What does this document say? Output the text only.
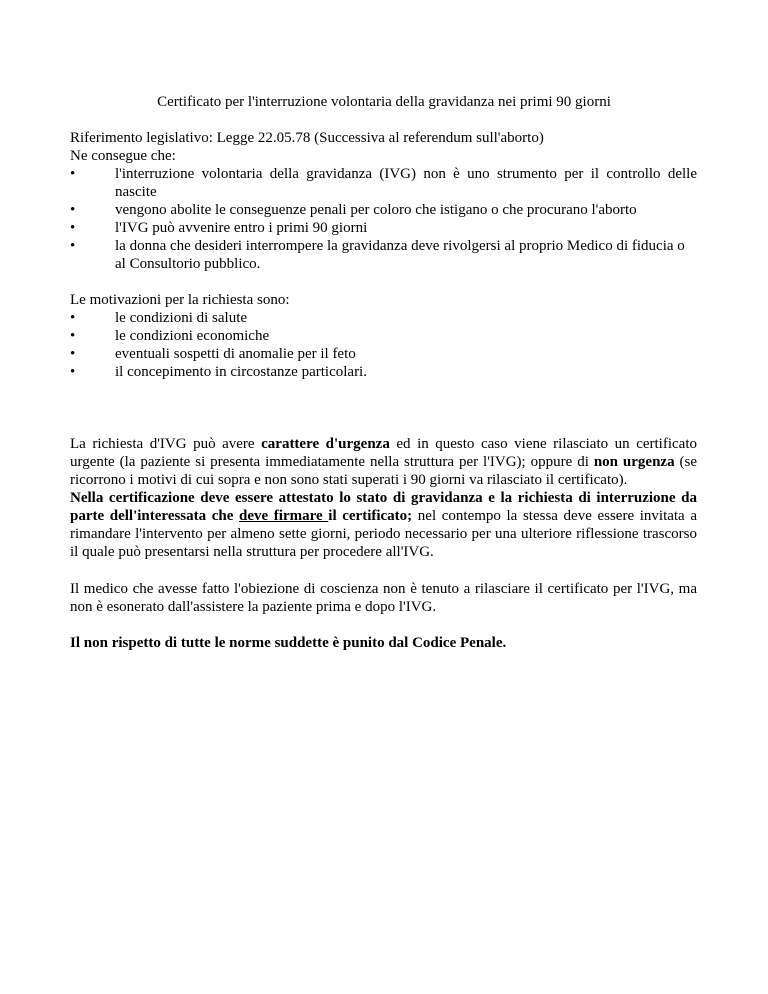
Certificato per l'interruzione volontaria della gravidanza nei primi 90 giorni
Riferimento legislativo: Legge 22.05.78 (Successiva al referendum sull'aborto)
Ne consegue che:
•	l'interruzione volontaria della gravidanza (IVG) non è uno strumento per il controllo delle nascite
•	vengono abolite le conseguenze penali per coloro che istigano o che procurano l'aborto
•	l'IVG può avvenire entro i primi 90 giorni
•	la donna che desideri interrompere la gravidanza deve rivolgersi al proprio Medico di fiducia o al Consultorio pubblico.
Le motivazioni per la richiesta sono:
•	le condizioni di salute
•	le condizioni economiche
•	eventuali sospetti di anomalie per il feto
•	il concepimento in circostanze particolari.
La richiesta d'IVG può avere carattere d'urgenza ed in questo caso viene rilasciato un certificato urgente (la paziente si presenta immediatamente nella struttura per l'IVG); oppure di non urgenza (se ricorrono i motivi di cui sopra e non sono stati superati i 90 giorni va rilasciato il certificato).
Nella certificazione deve essere attestato lo stato di gravidanza e la richiesta di interruzione da parte dell'interessata che deve firmare il certificato; nel contempo la stessa deve essere invitata a rimandare l'intervento per almeno sette giorni, periodo necessario per una ulteriore riflessione trascorso il quale può presentarsi nella struttura per procedere all'IVG.
Il medico che avesse fatto l'obiezione di coscienza non è tenuto a rilasciare il certificato per l'IVG, ma non è esonerato dall'assistere la paziente prima e dopo l'IVG.
Il non rispetto di tutte le norme suddette è punito dal Codice Penale.
